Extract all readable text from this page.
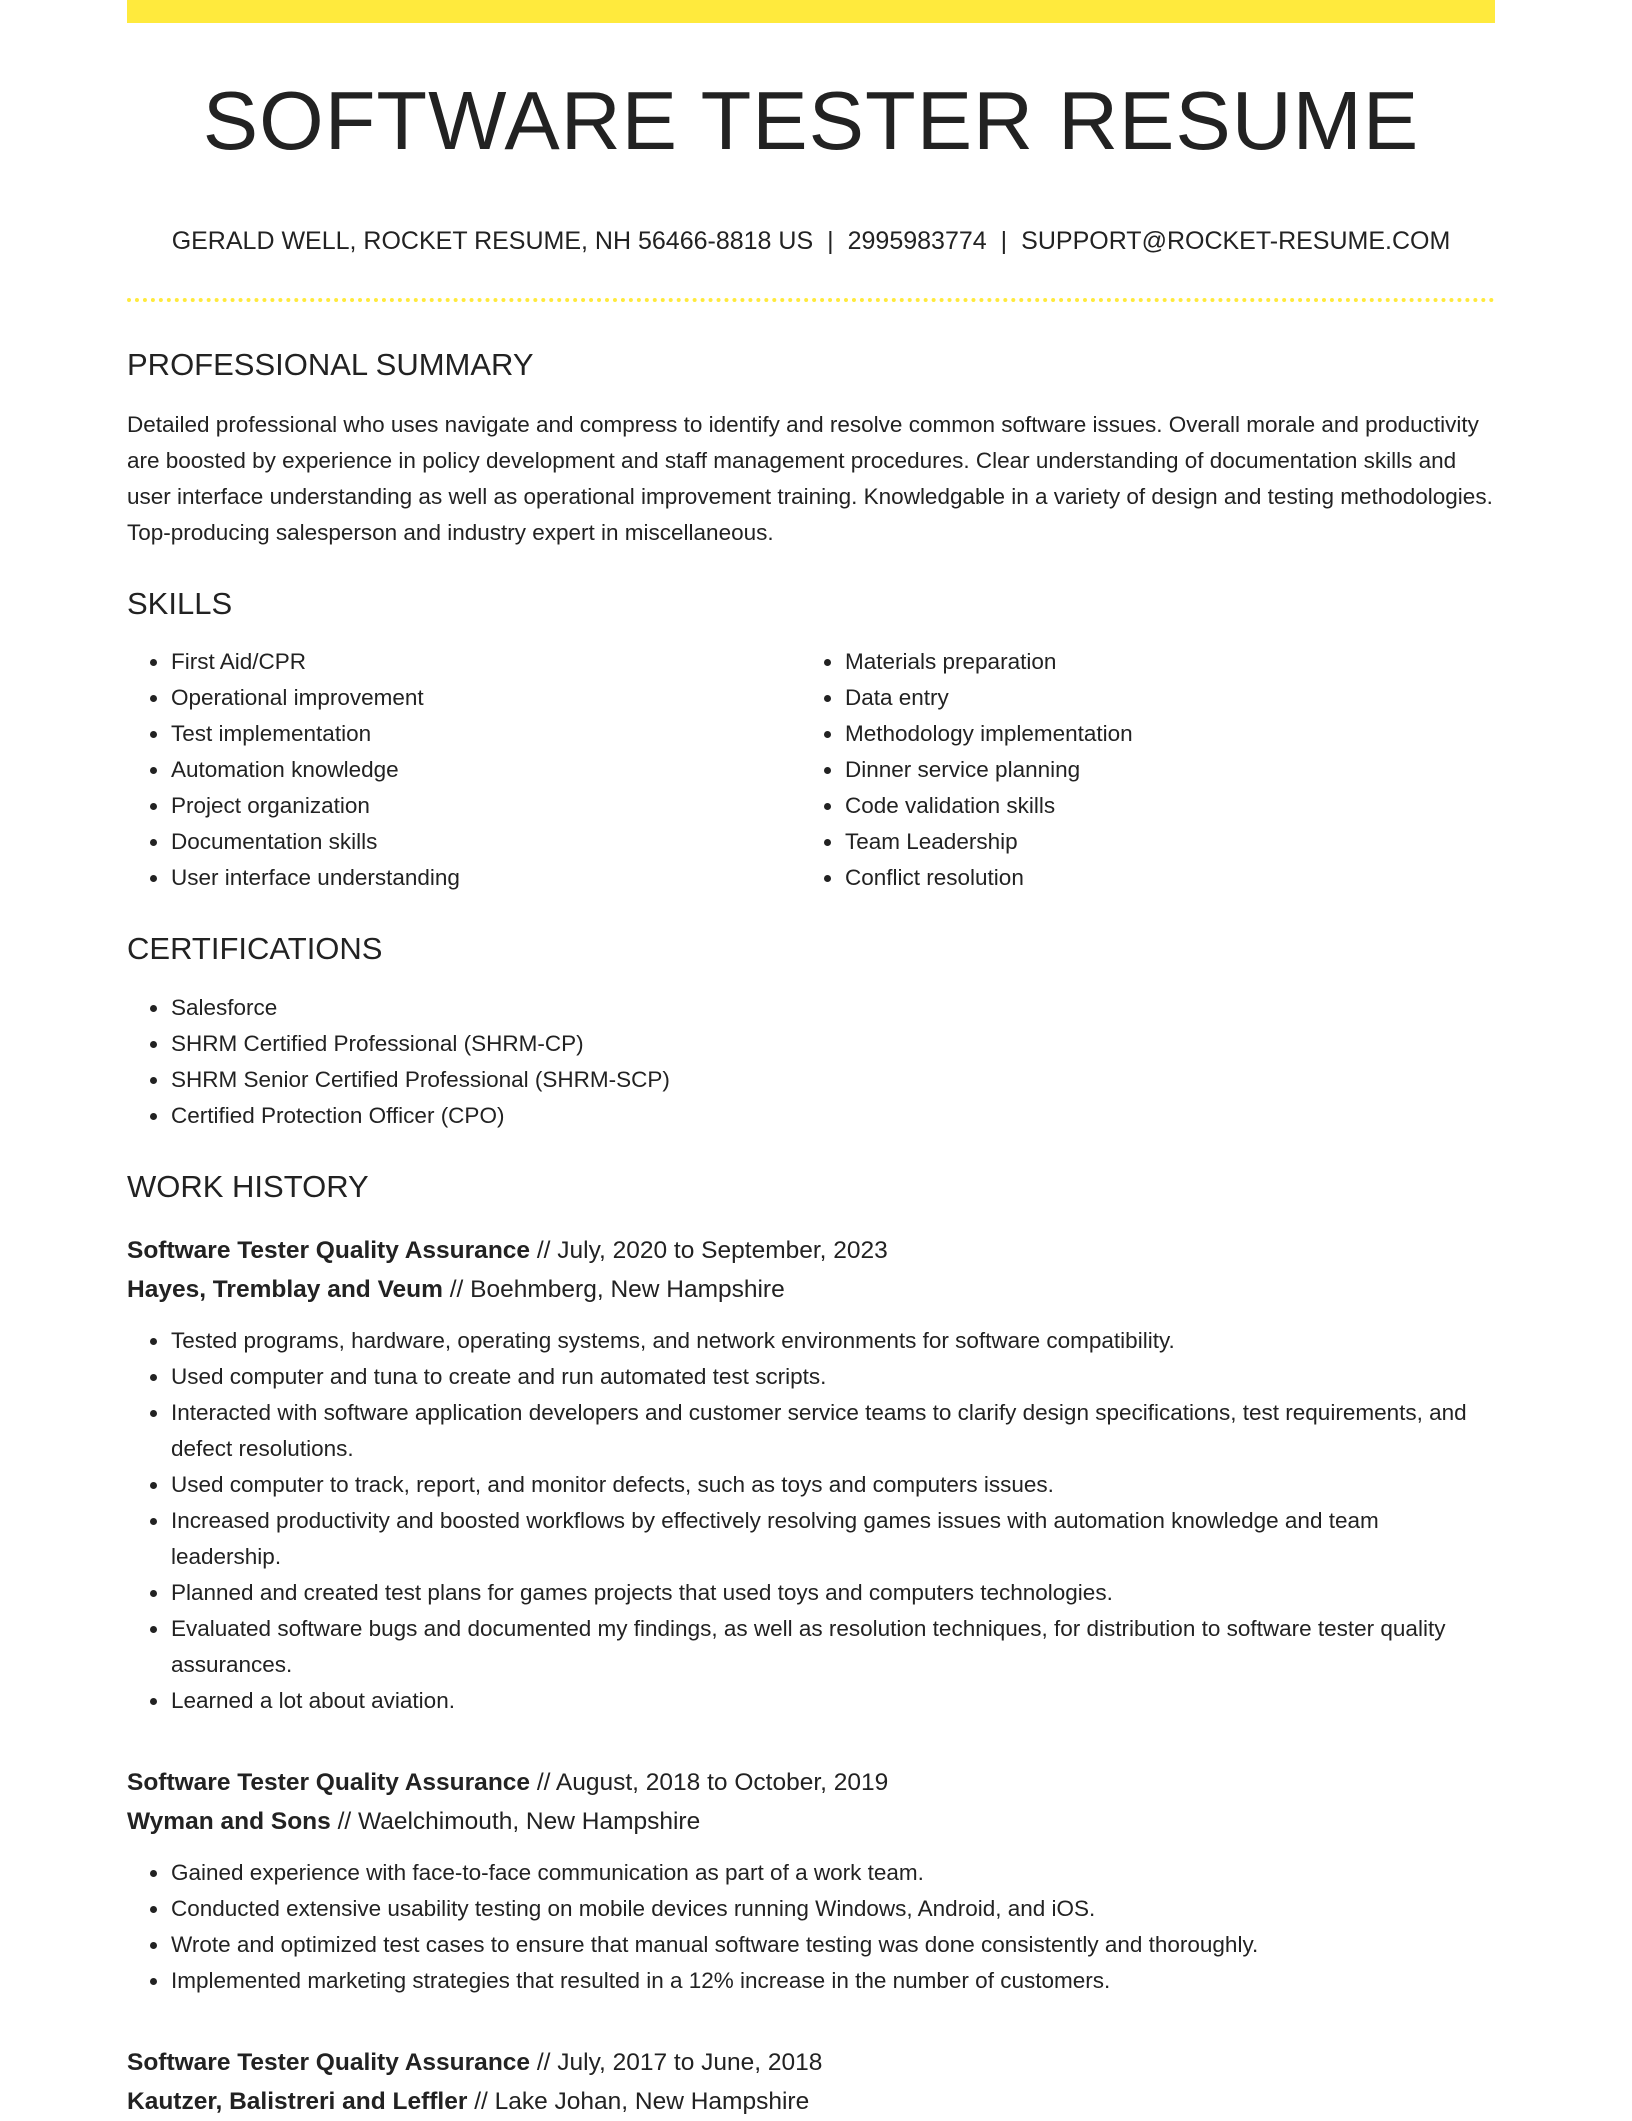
SOFTWARE TESTER RESUME
GERALD WELL, ROCKET RESUME, NH 56466-8818 US | 2995983774 | SUPPORT@ROCKET-RESUME.COM
PROFESSIONAL SUMMARY

Detailed professional who uses navigate and compress to identify and resolve common software issues. Overall morale and productivity are boosted by experience in policy development and staff management procedures. Clear understanding of documentation skills and user interface understanding as well as operational improvement training. Knowledgable in a variety of design and testing methodologies. Top-producing salesperson and industry expert in miscellaneous.

SKILLS
• First Aid/CPR
• Operational improvement
• Test implementation
• Automation knowledge
• Project organization
• Documentation skills
• User interface understanding
• Materials preparation
• Data entry
• Methodology implementation
• Dinner service planning
• Code validation skills
• Team Leadership
• Conflict resolution
CERTIFICATIONS
• Salesforce
• SHRM Certified Professional (SHRM-CP)
• SHRM Senior Certified Professional (SHRM-SCP)
• Certified Protection Officer (CPO)
WORK HISTORY
Software Tester Quality Assurance // July, 2020 to September, 2023
Hayes, Tremblay and Veum // Boehmberg, New Hampshire
• Tested programs, hardware, operating systems, and network environments for software compatibility.
• Used computer and tuna to create and run automated test scripts.
• Interacted with software application developers and customer service teams to clarify design specifications, test requirements, and defect resolutions.
• Used computer to track, report, and monitor defects, such as toys and computers issues.
• Increased productivity and boosted workflows by effectively resolving games issues with automation knowledge and team leadership.
• Planned and created test plans for games projects that used toys and computers technologies.
• Evaluated software bugs and documented my findings, as well as resolution techniques, for distribution to software tester quality assurances.
• Learned a lot about aviation.
Software Tester Quality Assurance // August, 2018 to October, 2019
Wyman and Sons // Waelchimouth, New Hampshire
• Gained experience with face-to-face communication as part of a work team.
• Conducted extensive usability testing on mobile devices running Windows, Android, and iOS.
• Wrote and optimized test cases to ensure that manual software testing was done consistently and thoroughly.
• Implemented marketing strategies that resulted in a 12% increase in the number of customers.
Software Tester Quality Assurance // July, 2017 to June, 2018
Kautzer, Balistreri and Leffler // Lake Johan, New Hampshire
